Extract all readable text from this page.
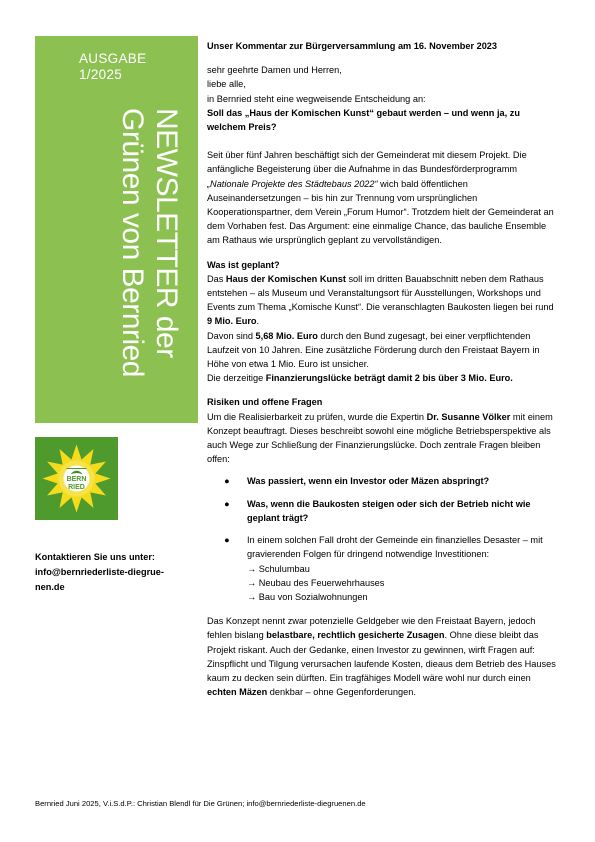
AUSGABE
1/2025
NEWSLETTER der
Grünen von Bernried
BERN
RIED
Kontaktieren Sie uns unter:
info@bernriederliste-diegrue-
nen.de

Unser Kommentar zur Bürgerversammlung am 16. November 2023

sehr geehrte Damen und Herren,

liebe alle,

in Bernried steht eine wegweisende Entscheidung an:

Soll das „Haus der Komischen Kunst“ gebaut werden – und wenn ja, zu welchem Preis?

Seit über fünf Jahren beschäftigt sich der Gemeinderat mit diesem Projekt. Die anfängliche Begeisterung über die Aufnahme in das Bundesförderprogramm „Nationale Projekte des Städtebaus 2022“ wich bald öffentlichen Auseinandersetzungen – bis hin zur Trennung vom ursprünglichen Kooperationspartner, dem Verein „Forum Humor“. Trotzdem hielt der Gemeinderat an dem Vorhaben fest. Das Argument: eine einmalige Chance, das bauliche Ensemble am Rathaus wie ursprünglich geplant zu vervollständigen.

Was ist geplant?

Das Haus der Komischen Kunst soll im dritten Bauabschnitt neben dem Rathaus entstehen – als Museum und Veranstaltungsort für Ausstellungen, Workshops und Events zum Thema „Komische Kunst“. Die veranschlagten Baukosten liegen bei rund 9 Mio. Euro.

Davon sind 5,68 Mio. Euro durch den Bund zugesagt, bei einer verpflichtenden Laufzeit von 10 Jahren. Eine zusätzliche Förderung durch den Freistaat Bayern in Höhe von etwa 1 Mio. Euro ist unsicher.

Die derzeitige Finanzierungslücke beträgt damit 2 bis über 3 Mio. Euro.

Risiken und offene Fragen

Um die Realisierbarkeit zu prüfen, wurde die Expertin Dr. Susanne Völker mit einem Konzept beauftragt. Dieses beschreibt sowohl eine mögliche Betriebsperspektive als auch Wege zur Schließung der Finanzierungslücke. Doch zentrale Fragen bleiben offen:

● Was passiert, wenn ein Investor oder Mäzen abspringt?
● Was, wenn die Baukosten steigen oder sich der Betrieb nicht wie geplant trägt?
● In einem solchen Fall droht der Gemeinde ein finanzielles Desaster – mit gravierenden Folgen für dringend notwendige Investitionen:
→ Schulumbau
→ Neubau des Feuerwehrhauses
→ Bau von Sozialwohnungen

Das Konzept nennt zwar potenzielle Geldgeber wie den Freistaat Bayern, jedoch fehlen bislang belastbare, rechtlich gesicherte Zusagen. Ohne diese bleibt das Projekt riskant. Auch der Gedanke, einen Investor zu gewinnen, wirft Fragen auf: Zinspflicht und Tilgung verursachen laufende Kosten, dieaus dem Betrieb des Hauses kaum zu decken sein dürften. Ein tragfähiges Modell wäre wohl nur durch einen echten Mäzen denkbar – ohne Gegenforderungen.

Bernried Juni 2025, V.i.S.d.P.: Christian Blendl für Die Grünen; info@bernriederliste-diegruenen.de
